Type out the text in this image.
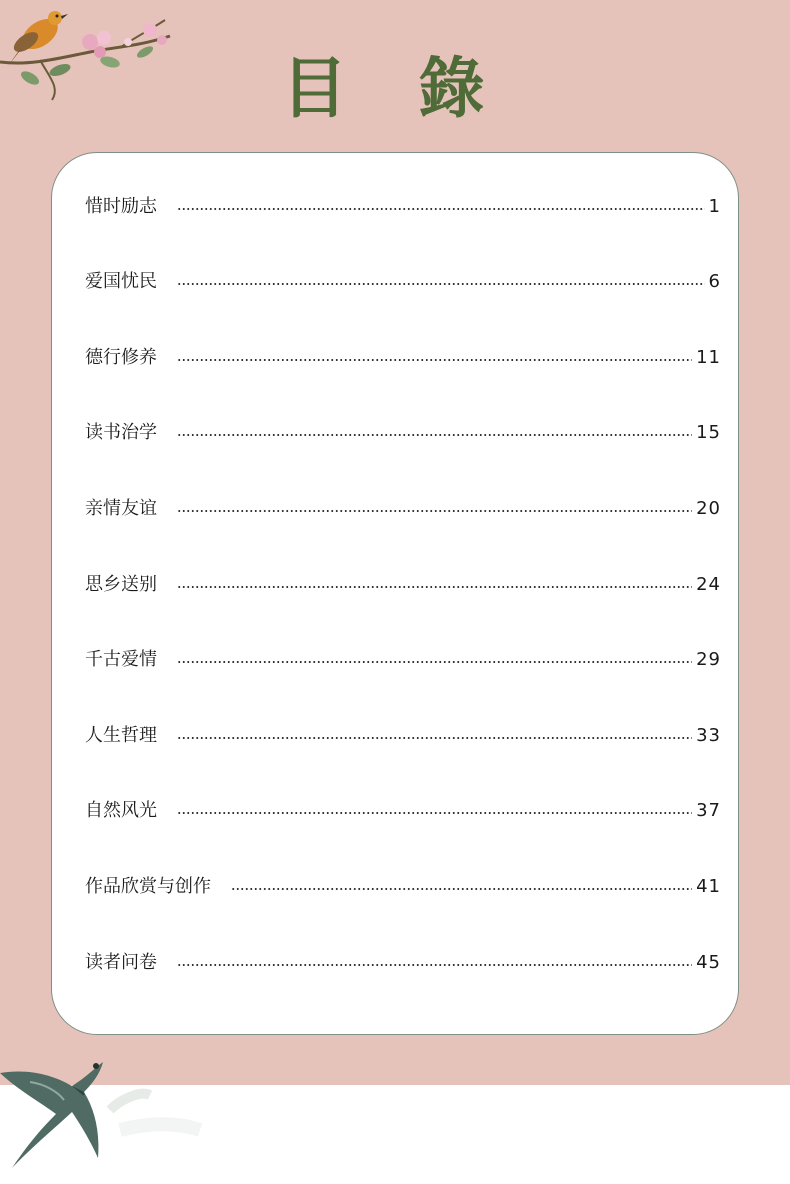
目 錄
惜时励志	1
爱国忧民	6
德行修养	11
读书治学	15
亲情友谊	20
思乡送别	24
千古爱情	29
人生哲理	33
自然风光	37
作品欣赏与创作	41
读者问卷	45
